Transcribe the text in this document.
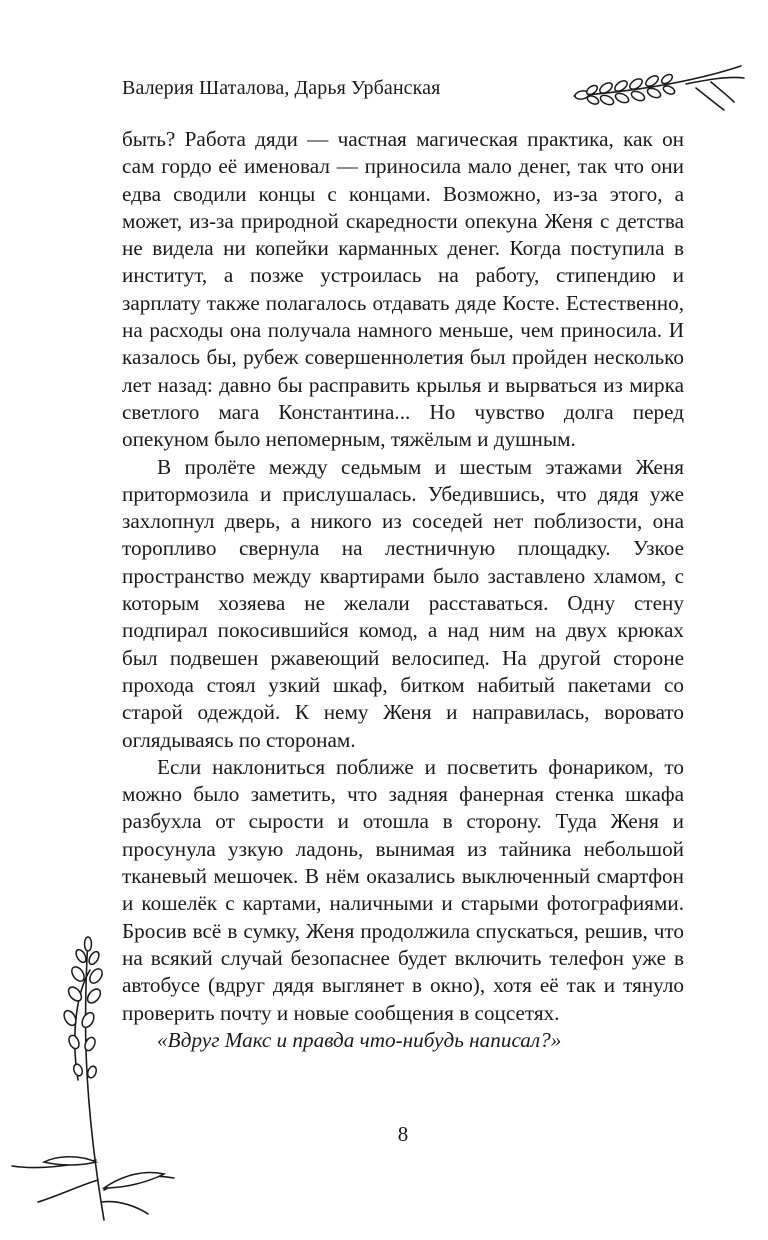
Валерия Шаталова, Дарья Урбанская

быть? Работа дяди — частная магическая практика, как он сам гордо её именовал — приносила мало денег, так что они едва сводили концы с концами. Возможно, из-за этого, а может, из-за природной скаредности опекуна Женя с детства не видела ни копейки карманных денег. Когда поступила в институт, а позже устроилась на работу, стипендию и зарплату также полагалось отдавать дяде Косте. Естественно, на расходы она получала намного меньше, чем приносила. И казалось бы, рубеж совершеннолетия был пройден несколько лет назад: давно бы расправить крылья и вырваться из мирка светлого мага Константина... Но чувство долга перед опекуном было непомерным, тяжёлым и душным.

В пролёте между седьмым и шестым этажами Женя притормозила и прислушалась. Убедившись, что дядя уже захлопнул дверь, а никого из соседей нет поблизости, она торопливо свернула на лестничную площадку. Узкое пространство между квартирами было заставлено хламом, с которым хозяева не желали расставаться. Одну стену подпирал покосившийся комод, а над ним на двух крюках был подвешен ржавеющий велосипед. На другой стороне прохода стоял узкий шкаф, битком набитый пакетами со старой одеждой. К нему Женя и направилась, воровато оглядываясь по сторонам.

Если наклониться поближе и посветить фонариком, то можно было заметить, что задняя фанерная стенка шкафа разбухла от сырости и отошла в сторону. Туда Женя и просунула узкую ладонь, вынимая из тайника небольшой тканевый мешочек. В нём оказались выключенный смартфон и кошелёк с картами, наличными и старыми фотографиями. Бросив всё в сумку, Женя продолжила спускаться, решив, что на всякий случай безопаснее будет включить телефон уже в автобусе (вдруг дядя выглянет в окно), хотя её так и тянуло проверить почту и новые сообщения в соцсетях.

«Вдруг Макс и правда что-нибудь написал?»

8
